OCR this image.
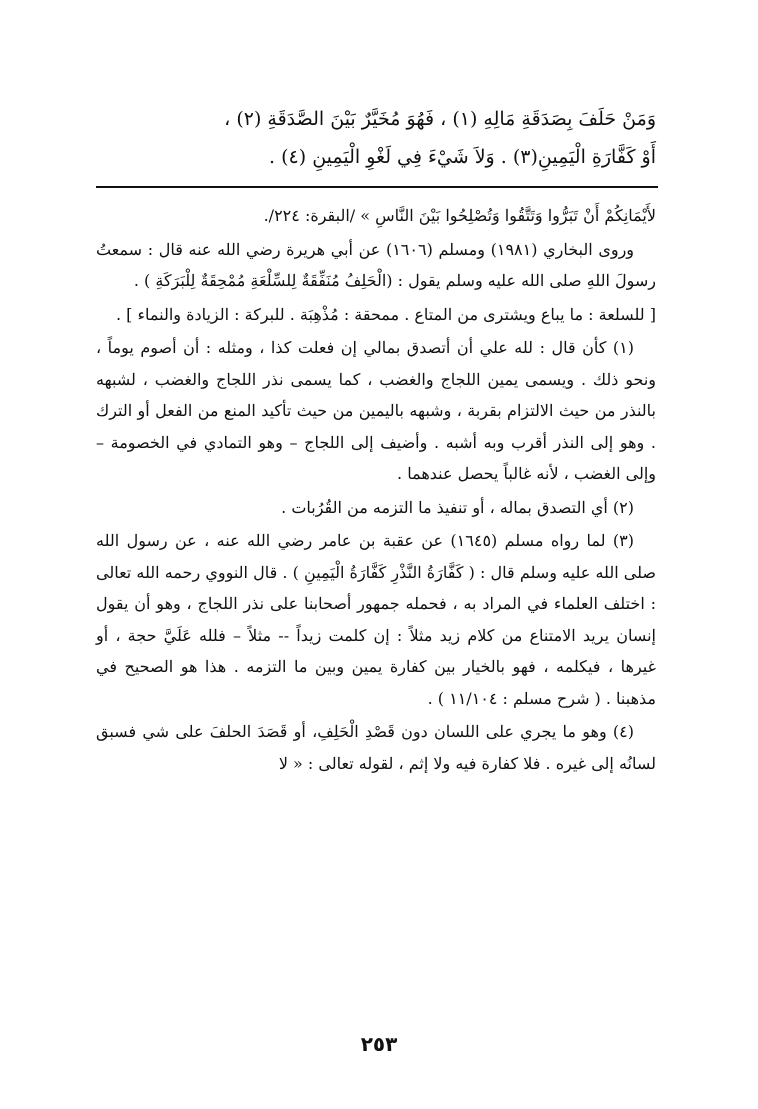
وَمَنْ حَلَفَ بِصَدَقَةِ مَالِهِ (١) ، فَهُوَ مُخَيَّرٌ بَيْنَ الصَّدَقَةِ (٢) ،

أَوْ كَفَّارَةِ الْيَمِينِ(٣) . وَلاَ شَيْءَ فِي لَغْوِ الْيَمِينِ (٤) .

لأَيْمَانِكُمْ أَنْ تَبَرُّوا وَتَتَّقُوا وَتُصْلِحُوا بَيْنَ النَّاسِ » /البقرة: ٢٢٤/.

وروى البخاري (١٩٨١) ومسلم (١٦٠٦) عن أبي هريرة رضي الله عنه قال : سمعتُ رسولَ اللهِ صلى الله عليه وسلم يقول : (الْحَلِفُ مُنَفِّقَةٌ لِلسِّلْعَةِ مُمْحِقَةٌ لِلْبَرَكَةِ ) .

[ للسلعة : ما يباع ويشترى من المتاع . ممحقة : مُذْهِبَة . للبركة : الزيادة والنماء ] .

(١) كأن قال : لله علي أن أتصدق بمالي إن فعلت كذا ، ومثله : أن أصوم يوماً ، ونحو ذلك . ويسمى يمين اللجاج والغضب ، كما يسمى نذر اللجاج والغضب ، لشبهه بالنذر من حيث الالتزام بقربة ، وشبهه باليمين من حيث تأكيد المنع من الفعل أو الترك . وهو إلى النذر أقرب وبه أشبه . وأضيف إلى اللجاج – وهو التمادي في الخصومة – وإلى الغضب ، لأنه غالباً يحصل عندهما .

(٢) أي التصدق بماله ، أو تنفيذ ما التزمه من القُرُبات .

(٣) لما رواه مسلم (١٦٤٥) عن عقبة بن عامر رضي الله عنه ، عن رسول الله صلى الله عليه وسلم قال : ( كَفَّارَةُ النَّذْرِ كَفَّارَةُ الْيَمِينِ ) . قال النووي رحمه الله تعالى : اختلف العلماء في المراد به ، فحمله جمهور أصحابنا على نذر اللجاج ، وهو أن يقول إنسان يريد الامتناع من كلام زيد مثلاً : إن كلمت زيداً -- مثلاً – فلله عَلَيَّ حجة ، أو غيرها ، فيكلمه ، فهو بالخيار بين كفارة يمين وبين ما التزمه . هذا هو الصحيح في مذهبنا . ( شرح مسلم : ١١/١٠٤ ) .

(٤) وهو ما يجري على اللسان دون قَصْدِ الْحَلِفِ، أو قَصَدَ الحلفَ على شي فسبق لسانُه إلى غيره . فلا كفارة فيه ولا إثم ، لقوله تعالى : « لا

٢٥٣
